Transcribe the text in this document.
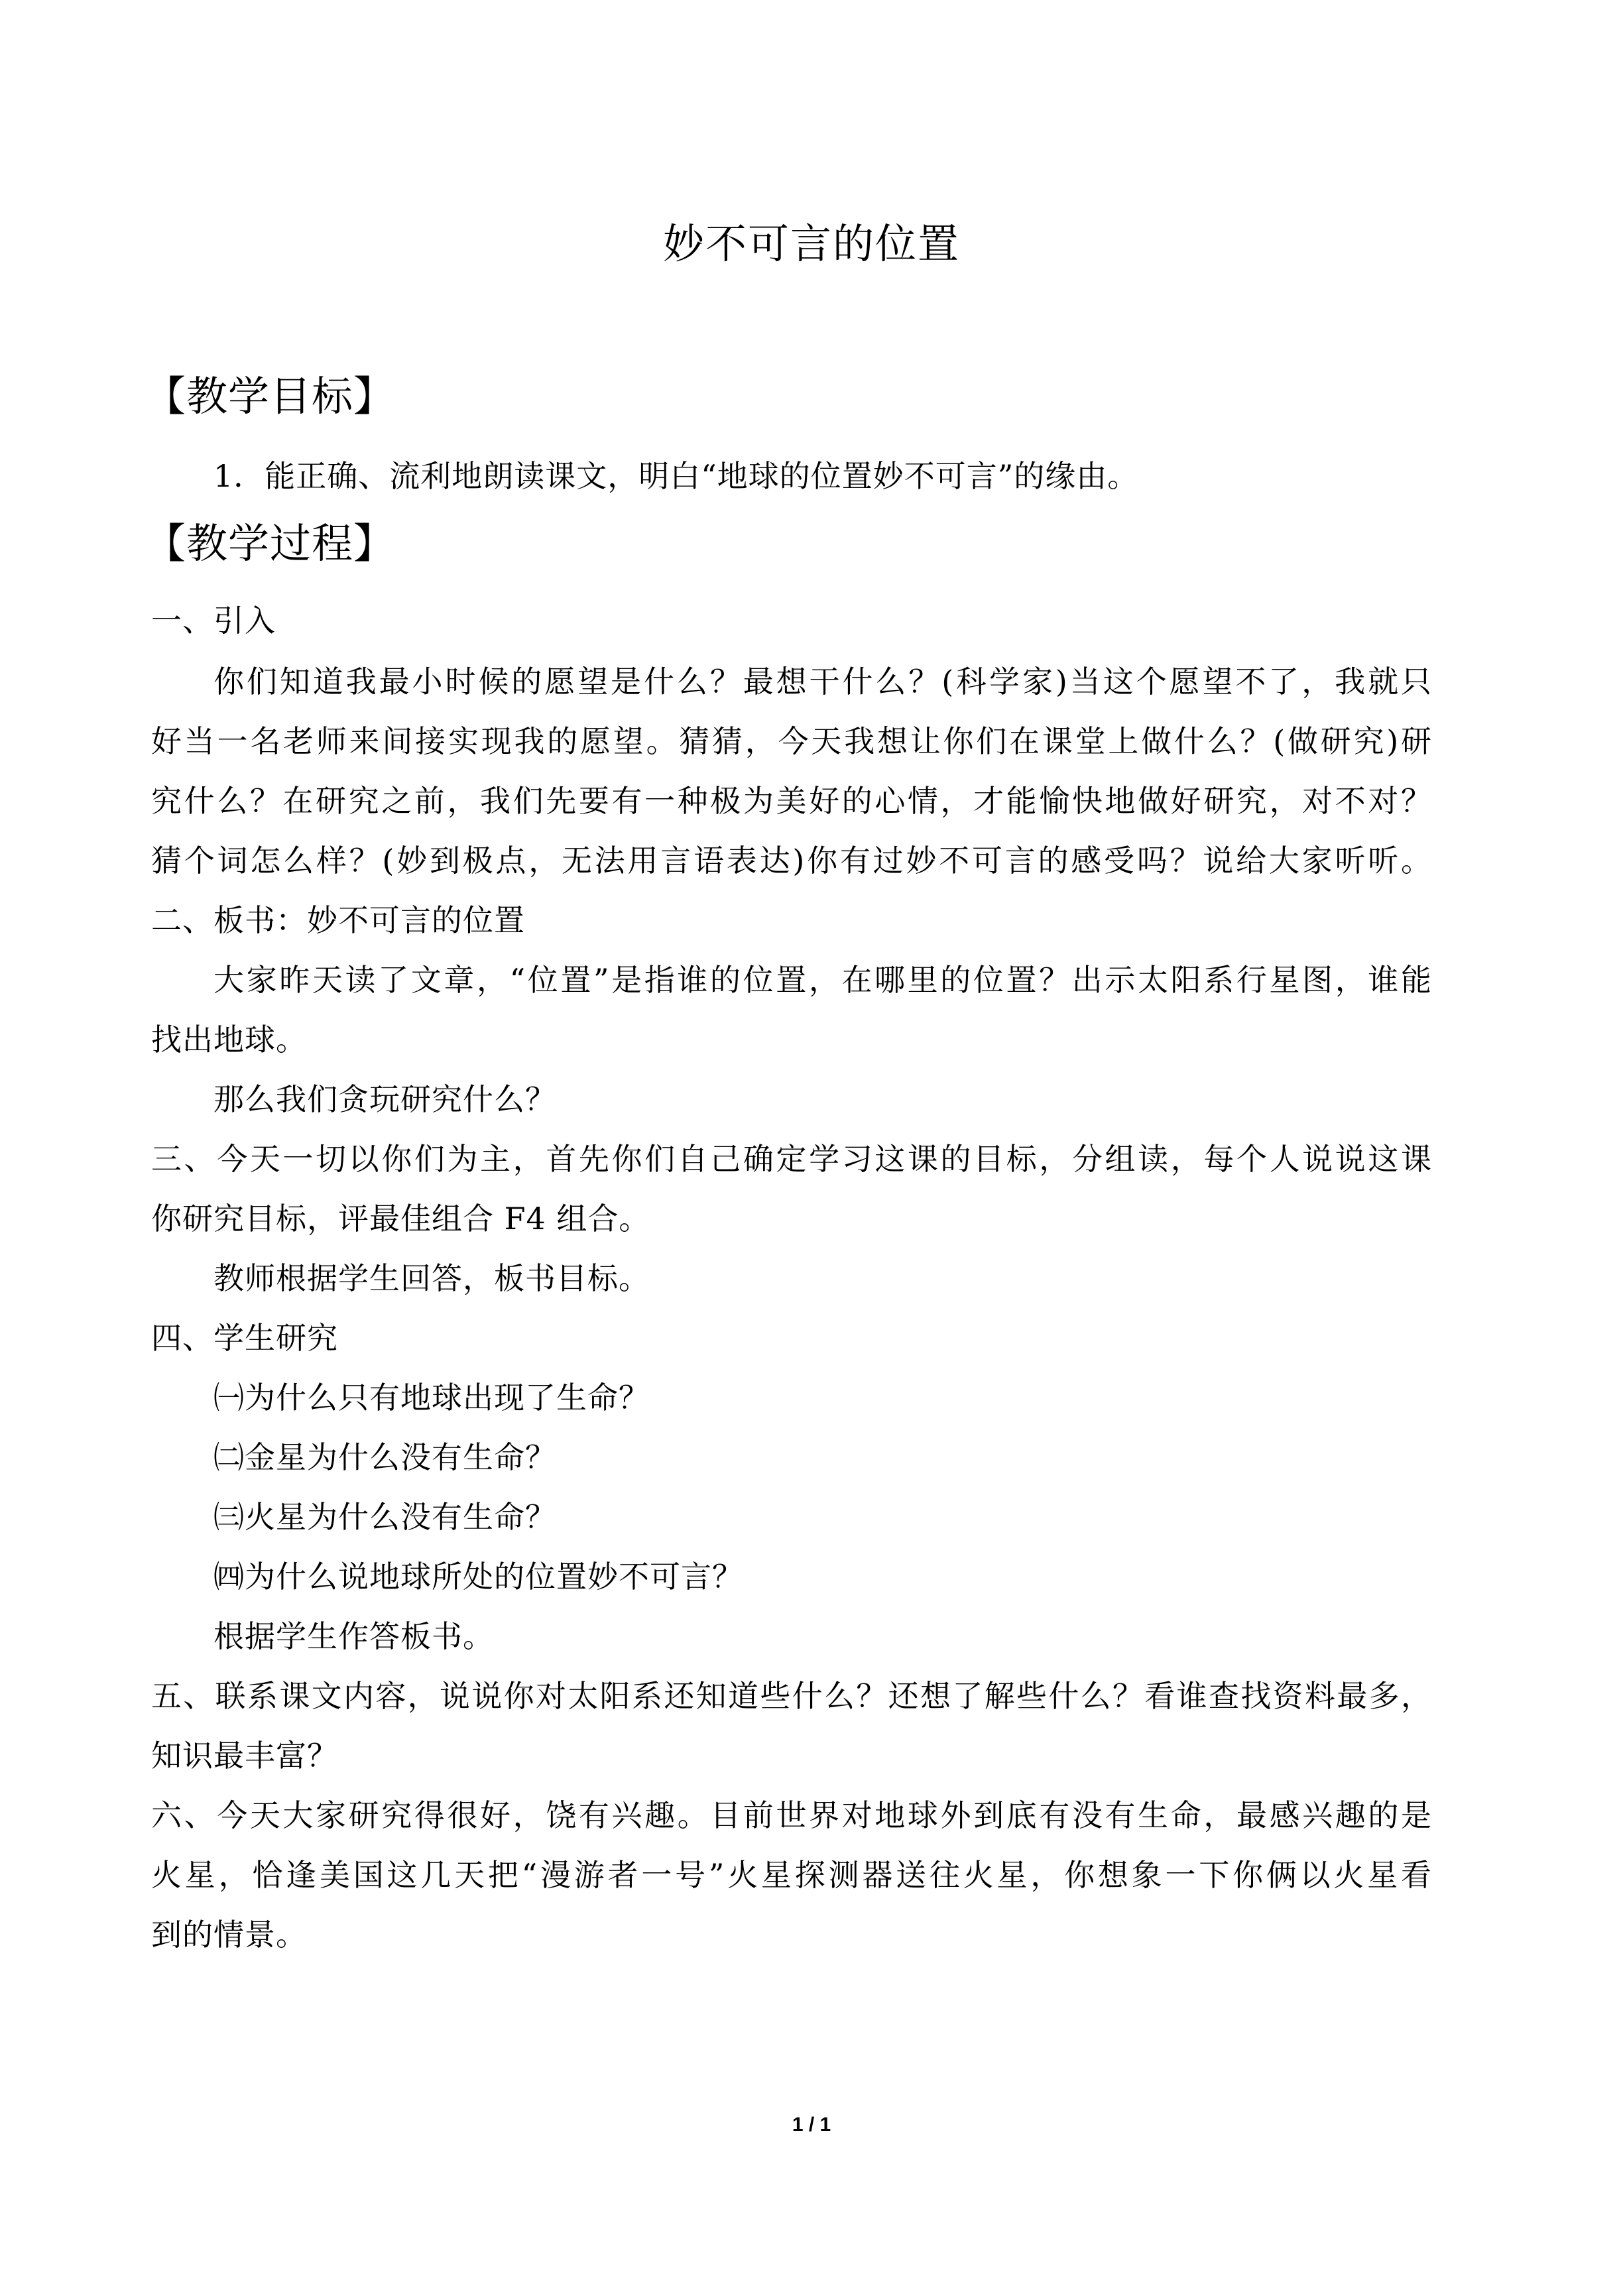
妙不可言的位置
【教学目标】
1．能正确、流利地朗读课文，明白“地球的位置妙不可言”的缘由。
【教学过程】
一、引入
你们知道我最小时候的愿望是什么？最想干什么？(科学家)当这个愿望不了，我就只
好当一名老师来间接实现我的愿望。猜猜，今天我想让你们在课堂上做什么？(做研究)研
究什么？在研究之前，我们先要有一种极为美好的心情，才能愉快地做好研究，对不对？
猜个词怎么样？(妙到极点，无法用言语表达)你有过妙不可言的感受吗？说给大家听听。
二、板书：妙不可言的位置
大家昨天读了文章，“位置”是指谁的位置，在哪里的位置？出示太阳系行星图，谁能
找出地球。
那么我们贪玩研究什么？
三、今天一切以你们为主，首先你们自己确定学习这课的目标，分组读，每个人说说这课
你研究目标，评最佳组合 F4 组合。
教师根据学生回答，板书目标。
四、学生研究
㈠为什么只有地球出现了生命？
㈡金星为什么没有生命？
㈢火星为什么没有生命？
㈣为什么说地球所处的位置妙不可言？
根据学生作答板书。
五、联系课文内容，说说你对太阳系还知道些什么？还想了解些什么？看谁查找资料最多，
知识最丰富？
六、今天大家研究得很好，饶有兴趣。目前世界对地球外到底有没有生命，最感兴趣的是
火星，恰逢美国这几天把“漫游者一号”火星探测器送往火星，你想象一下你俩以火星看
到的情景。
1 / 1
